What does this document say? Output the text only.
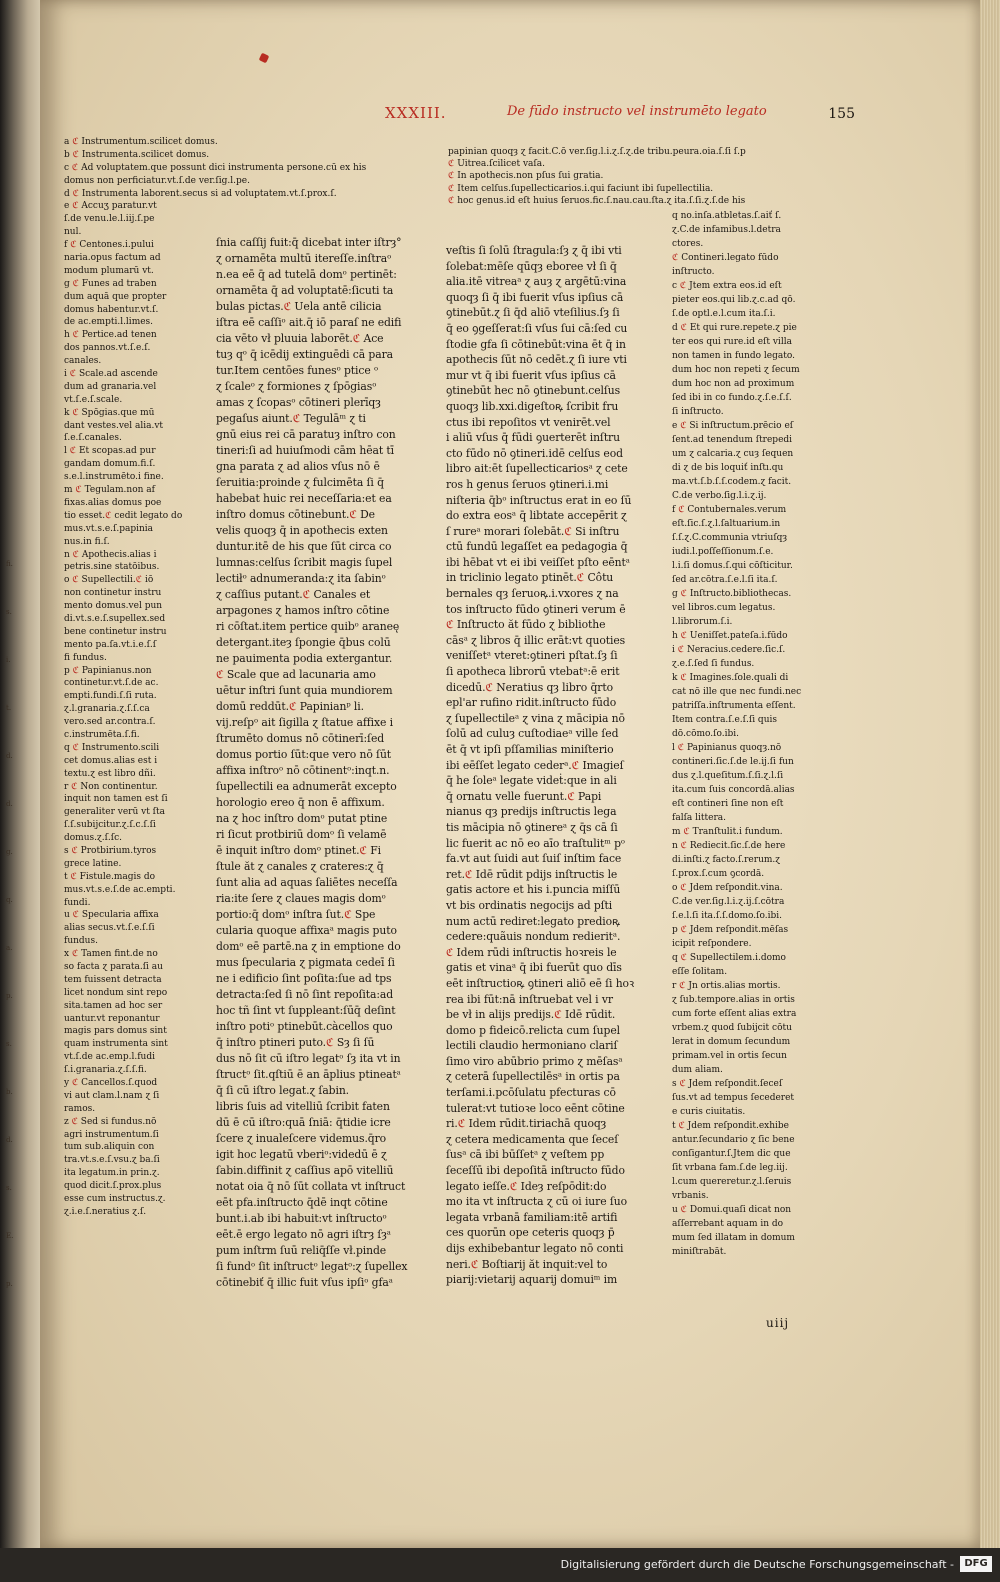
fi.
s.
i.
t.
d.
d.
g.
q.
a.
p.
s.
b.
d.
s.
E.
p.
XXXIII.	De fūdo instructo vel instrumēto legato	155
a ℭ Instrumentum.scilicet domus.
b ℭ Instrumenta.scilicet domus.
c ℭ Ad voluptatem.que possunt dici instrumenta persone.cū ex his
domus non perficiatur.vt.ſ.de ver.ſig.l.pe.
d ℭ Instrumenta laborent.secus si ad voluptatem.vt.ſ.prox.ſ.
e ℭ Accuʒ paratur.vt
ſ.de venu.le.l.iij.ſ.pe
nul.
f ℭ Centones.i.pului
naria.opus factum ad
modum plumarū vt.
g ℭ Funes ad traben
dum aquā que propter
domus habentur.vt.ſ.
de ac.empti.l.limes.
h ℭ Pertice.ad tenen
dos pannos.vt.ſ.e.ſ.
canales.
i ℭ Scale.ad ascende
dum ad granaria.vel
vt.ſ.e.ſ.scale.
k ℭ Spōgias.que mū
dant vestes.vel alia.vt
ſ.e.ſ.canales.
l ℭ Et scopas.ad pur
gandam domum.fi.ſ.
s.e.l.instrumēto.i fine.
m ℭ Tegulam.non af
fixas.alias domus poe
tio esset.ℭ cedit legato do
mus.vt.s.e.ſ.papinia
nus.in fi.ſ.
n ℭ Apothecis.alias i
petris.sine statōibus.
o ℭ Supellectili.ℭ iō
non continetur instru
mento domus.vel pun
di.vt.s.e.ſ.supellex.sed
bene continetur instru
mento pa.ſa.vt.i.e.ſ.ſ
fi fundus.
p ℭ Papinianus.non
continetur.vt.ſ.de ac.
empti.fundi.ſ.ſi ruta.
ɀ.l.granaria.ɀ.ſ.ſ.ca
vero.sed ar.contra.ſ.
c.instrumēta.ſ.fi.
q ℭ Instrumento.scili
cet domus.alias est i
textu.ɀ est libro dñi.
r ℭ Non continentur.
inquit non tamen est ſi
generaliter verū vt ſta
ſ.ſ.subijcitur.ɀ.ſ.c.ſ.ſi
domus.ɀ.ſ.ſc.
s ℭ Protbirium.tyros
grece latine.
t ℭ Fistule.magis do
mus.vt.s.e.ſ.de ac.empti.
fundi.
u ℭ Specularia affixa
alias secus.vt.ſ.e.ſ.ſi
fundus.
x ℭ Tamen fint.de no
so facta ɀ parata.ſi au
tem fuissent detracta
licet nondum sint repo
sita.tamen ad hoc ser
uantur.vt reponantur
magis pars domus sint
quam instrumenta sint
vt.ſ.de ac.emp.l.fudi
ſ.i.granaria.ɀ.ſ.ſ.fi.
y ℭ Cancellos.ſ.quod
vi aut clam.l.nam ɀ ſi
ramos.
z ℭ Sed si fundus.nō
agri instrumentum.ſi
tum sub.aliquin con
tra.vt.s.e.ſ.vsu.ɀ ba.ſi
ita legatum.in prin.ɀ.
quod dicit.ſ.prox.plus
esse cum instructus.ɀ.
ɀ.i.e.ſ.neratius ɀ.ſ.
papinian quoqȝ ɀ facit.C.ō ver.ſig.l.i.ɀ.ſ.ɀ.de tribu.peura.oia.ſ.ſi ſ.p
ℭ Uitrea.ſcilicet vaſa.
ℭ In apothecis.non pſus ſui gratia.
ℭ Item celſus.ſupellecticarios.i.qui faciunt ibi ſupellectilia.
ℭ hoc genus.id eſt huius ſeruos.fic.ſ.nau.cau.ſta.ɀ ita.ſ.ſi.ɀ.ſ.de his
ſnia caſſij fuit:q̄ dicebat inter iſtrȝ°
ɀ ornamēta multū itereſſe.inſtraᵒ
n.ea eē q̄ ad tutelā domᵒ pertinēt:
ornamēta q̄ ad voluptatē:ſicuti ta
bulas pictas.ℭ Uela antē cilicia
iſtra eē caſſiᵒ ait.q̄ iō paraſ ne edifi
cia vēto vł pluuia laborēt.ℭ Ace
tuȝ qᵒ q̄ icēdij extinguēdi cā para
tur.Item centōes funesᵒ ptice ᵒ
ɀ ſcaleᵒ ɀ formiones ɀ ſpōgiasᵒ
amas ɀ ſcopasᵒ cōtineri plerīqȝ
pegaſus aiunt.ℭ Tegulāᵐ ɀ ti
gnū eius rei cā paratuȝ inſtro con
tineri:ſi ad huiuſmodi cām hēat tī
gna parata ɀ ad alios vſus nō ē
ſeruitia:proinde ɀ fulcimēta ſi q̄
habebat huic rei neceſſaria:et ea
inſtro domus cōtinebunt.ℭ De
velis quoqȝ q̄ in apothecis exten
duntur.itē de his que ſūt circa co
lumnas:celſus ſcribit magis ſupel
lectiłᵒ adnumeranda:ɀ ita ſabinᵒ
ɀ caſſius putant.ℭ Canales et
arpagones ɀ hamos inſtro cōtine
ri cōſtat.item pertice quibᵒ araneę
detergant.iteȝ ſpongie q̄bus colū
ne pauimenta podia extergantur.
ℭ Scale que ad lacunaria amo
uētur inſtri ſunt quia mundiorem
domū reddūt.ℭ Papinianᵖ li.
vij.reſpᵒ ait ſigilla ɀ ſtatue affixe i
ſtrumēto domus nō cōtinerī:ſed
domus portio ſūt:que vero nō ſūt
affixa inſtroᵒ nō cōtinentᵒ:inqt.n.
ſupellectili ea adnumerāt excepto
horologio ereo q̄ non ē affixum.
na ɀ hoc inſtro domᵒ putat ptine
ri ſicut protbiriū domᵒ ſi velamē
ē inquit inſtro domᵒ ptinet.ℭ Fi
ſtule ăt ɀ canales ɀ crateres:ɀ q̄
ſunt alia ad aquas ſaliētes neceſſa
ria:ite ſere ɀ claues magis domᵒ
portio:q̄ domᵒ inſtra ſut.ℭ Spe
cularia quoque affixaᵃ magis puto
domᵒ eē partē.na ɀ in emptione do
mus ſpecularia ɀ pigmata cedeī ſi
ne i edificio ſint poſita:ſue ad tps
detracta:ſed ſi nō ſint repoſita:ad
hoc tñ ſint vt ſuppleant:ſūq̄ deſint
inſtro potiᵒ ptinebūt.càcellos quo
q̄ inſtro ptineri puto.ℭ Sȝ ſi ſū
dus nō ſit cū iſtro legatᵒ ſȝ ita vt in
ſtructᵒ ſit.qſtiū ē an āplius ptineatᵃ
q̄ ſi cū iſtro legat.ɀ ſabin.
libris ſuis ad vitelliū ſcribit faten
dū ē cū iſtro:quā ſniā: q̄tidie icre
ſcere ɀ inualeſcere videmus.q̄ro
igit hoc legatū vberiᵒ:videdū ē ɀ
ſabin.diffinit ɀ caſſius apō vitelliū
notat oia q̄ nō ſūt collata vt inſtruct
eēt pfa.inſtructo q̄dē inqt cōtine
bunt.i.ab ibi habuit:vt inſtructoᵒ
eēt.ē ergo legato nō agri iſtrȝ ſȝᵃ
pum inſtrm ſuū reliq̄ſſe vł.pinde
ſi fundᵒ ſit inſtructᵒ legatᵒ:ɀ ſupellex
cōtinebiť q̄ illic fuit vſus ipſiᵒ gfaᵃ
veſtis ſi ſolū ſtragula:ſȝ ɀ q̄ ibi vti
ſolebat:mēſe qūqȝ eboree vł ſi q̄
alia.itē vitreaᵃ ɀ auȝ ɀ argētū:vina
quoqȝ ſi q̄ ibi fuerit vſus ipſius cā
ꝯtinebūt.ɀ ſi q̄d aliō vteſilius.ſȝ ſi
q̄ eo ꝯgeſſerat:ſi vſus ſui cā:ſed cu
ſtodie gfa ſi cōtinebūt:vina ēt q̄ in
apothecis ſūt nō cedēt.ɀ ſi iure vti
mur vt q̄ ibi fuerit vſus ipſius cā
ꝯtinebūt hec nō ꝯtinebunt.celſus
quoqȝ lib.xxi.digeſtoꝶ ſcribit fru
ctus ibi repoſitos vt venirēt.vel
i aliū vſus q̄ fūdi ꝯuerterēt inſtru
cto fūdo nō ꝯtineri.idē celſus eod
libro ait:ēt ſupellecticariosᵃ ɀ cete
ros h genus ſeruos ꝯtineri.i.mi
niſteria q̄bᵒ inſtructus erat in eo ſū
do extra eosᵃ q̄ libtate accepērit ɀ
ſ rureᵃ morari ſolebāt.ℭ Si inſtru
ctū fundū legaſſet ea pedagogia q̄
ibi hēbat vt ei ibi veiſſet pſto eēntᵃ
in triclinio legato ptinēt.ℭ Côtu
bernales qȝ ſeruoꝶ.i.vxores ɀ na
tos inſtructo fūdo ꝯtineri verum ē
ℭ Inſtructo ăt fūdo ɀ bibliothe
cāsᵃ ɀ libros q̄ illic erāt:vt quoties
veniſſetᵃ vteret:ꝯtineri pſtat.ſȝ ſi
ſi apotheca librorū vtebatᵃ:ē erit
dicedū.ℭ Neratius qȝ libro q̄rto
epl'ar rufino ridit.inſtructo fūdo
ɀ ſupellectileᵃ ɀ vina ɀ mācipia nō
ſolū ad culuȝ cuſtodiaeᵃ ville ſed
ēt q̄ vt ipſi pſſamilias miniſterio
ibi eēſſet legato cederᵃ.ℭ Imagieſ
q̄ he ſoleᵃ legate videṫ:que in ali
q̄ ornatu velle fuerunt.ℭ Papi
nianus qȝ predijs inſtructis lega
tis mācipia nō ꝯtinereᵃ ɀ q̄s cā ſi
lic fuerit ac nō eo aīo traſtulitᵐ pᵒ
fa.vt aut ſuidi aut ſuiſ inſtim face
ret.ℭ Idē rūdit pdijs inſtructis le
gatis actore et his i.puncia miſſū
vt bis ordinatis negocijs ad pſti
num actū rediret:legato predioꝶ
cedere:quãuis nondum redieritᵃ.
ℭ Idem rūdi inſtructis hoꝛreis le
gatis et vinaᵃ q̄ ibi fuerūt quo dīs
eēt inſtructioꝶ ꝯtineri aliō eē ſi hoꝛ
rea ibi fūt:nā inſtruebat vel i vr
be vł in alijs predijs.ℭ Idē rūdit.
domo p fideicō.relicta cum ſupel
lectili claudio hermoniano clariſ
ſimo viro abūbrio primo ɀ mēſasᵃ
ɀ ceterā ſupellectilēsᵃ in ortis pa
terſami.i.pcōſulatu pfecturas cō
tulerat:vt tutioꝛe loco eēnt cōtine
ri.ℭ Idem rūdit.tiriachā quoqȝ
ɀ cetera medicamenta que ſeceſ
ſusᵃ cā ibi būſſetᵃ ɀ veſtem pp
ſeceſſū ibi depoſitā inſtructo fūdo
legato ieſſe.ℭ Ideȝ reſpōdit:do
mo ita vt inſtructa ɀ cū oi iure ſuo
legata vrbanā familiam:itē artifi
ces quorūn ope ceteris quoqȝ p̄
dijs exhibebantur legato nō conti
neri.ℭ Boſtiarij ăt inquit:vel to
piarij:vietarij aquarij domuiᵐ im
q no.inſa.atbletas.ſ.aiť ſ.
ɀ.C.de infamibus.l.detra
ctores.
ℭ Contineri.legato fūdo
inſtructo.
c ℭ Jtem extra eos.id eſt
pieter eos.qui lib.ɀ.c.ad qō.
ſ.de optl.e.l.cum ita.ſ.i.
d ℭ Et qui rure.repete.ɀ pie
ter eos qui rure.id eſt villa
non tamen in fundo legato.
dum hoc non repeti ɀ ſecum
dum hoc non ad proximum
ſed ibi in co fundo.ɀ.ſ.e.ſ.ſ.
ſi inſtructo.
e ℭ Si inſtructum.prēcio eſ
ſent.ad tenendum ſtrepedi
um ɀ calcaria.ɀ cuȝ ſequen
di ɀ de bis loquiť inſtı.qu
ma.vt.ſ.b.ſ.ſ.codem.ɀ facit.
C.de verbo.ſig.l.i.ɀ.ij.
f ℭ Contubernales.verum
eſt.ſic.ſ.ɀ.l.ſaltuarium.in
ſ.ſ.ɀ.C.communia vtriuſqȝ
iudi.l.poſſeſſionum.ſ.e.
l.i.ſi domus.ſ.qui cōſticitur.
ſed ar.cōtra.ſ.e.l.ſi ita.ſ.
g ℭ Inſtructo.bibliothecas.
vel libros.cum legatus.
l.librorum.ſ.i.
h ℭ Ueniſſet.pateſa.i.fūdo
i ℭ Neracius.cedere.ſic.ſ.
ɀ.e.ſ.ſed ſi fundus.
k ℭ Imagines.ſole.quali di
cat nō ille que nec fundi.nec
patriſſa.inſtrumenta eſſent.
Item contra.ſ.e.ſ.ſi quis
dō.cōmo.ſo.ibi.
l ℭ Papinianus quoqȝ.nō
contineri.ſic.ſ.de le.ij.ſi fun
dus ɀ.l.queſitum.ſ.ſi.ɀ.l.ſi
ita.cum ſuis concordā.alias
eſt contineri ſine non eſt
falſa littera.
m ℭ Tranſtulit.i fundum.
n ℭ Rediecit.ſic.ſ.de here
di.inſti.ɀ facto.ſ.rerum.ɀ
ſ.prox.ſ.cum ꝯcordā.
o ℭ Jdem reſpondit.vina.
C.de ver.ſig.l.i.ɀ.ij.ſ.cōtra
ſ.e.l.ſi ita.ſ.ſ.domo.ſo.ibi.
p ℭ Jdem reſpondit.mēſas
icipit reſpondere.
q ℭ Supellectilem.i.domo
eſſe ſolitam.
r ℭ Jn ortis.alias mortis.
ɀ ſub.tempore.alias in ortis
cum forte eſſent alias extra
vrbem.ɀ quod ſubijcit cōtu
lerat in domum ſecundum
primam.vel in ortis ſecun
dum aliam.
s ℭ Jdem reſpondit.ſeceſ
ſus.vt ad tempus ſecederet
e curis ciuitatis.
t ℭ Jdem reſpondit.exhibe
antur.ſecundario ɀ ſic bene
conſigantur.ſ.Jtem dic que
ſit vrbana fam.ſ.de leg.iij.
l.cum quereretur.ɀ.l.ſeruis
vrbanis.
u ℭ Domui.quaſi dicat non
aſſerrebant aquam in do
mum ſed illatam in domum
miniſtrabāt.
uiij
Digitalisierung gefördert durch die Deutsche Forschungsgemeinschaft -	DFG
